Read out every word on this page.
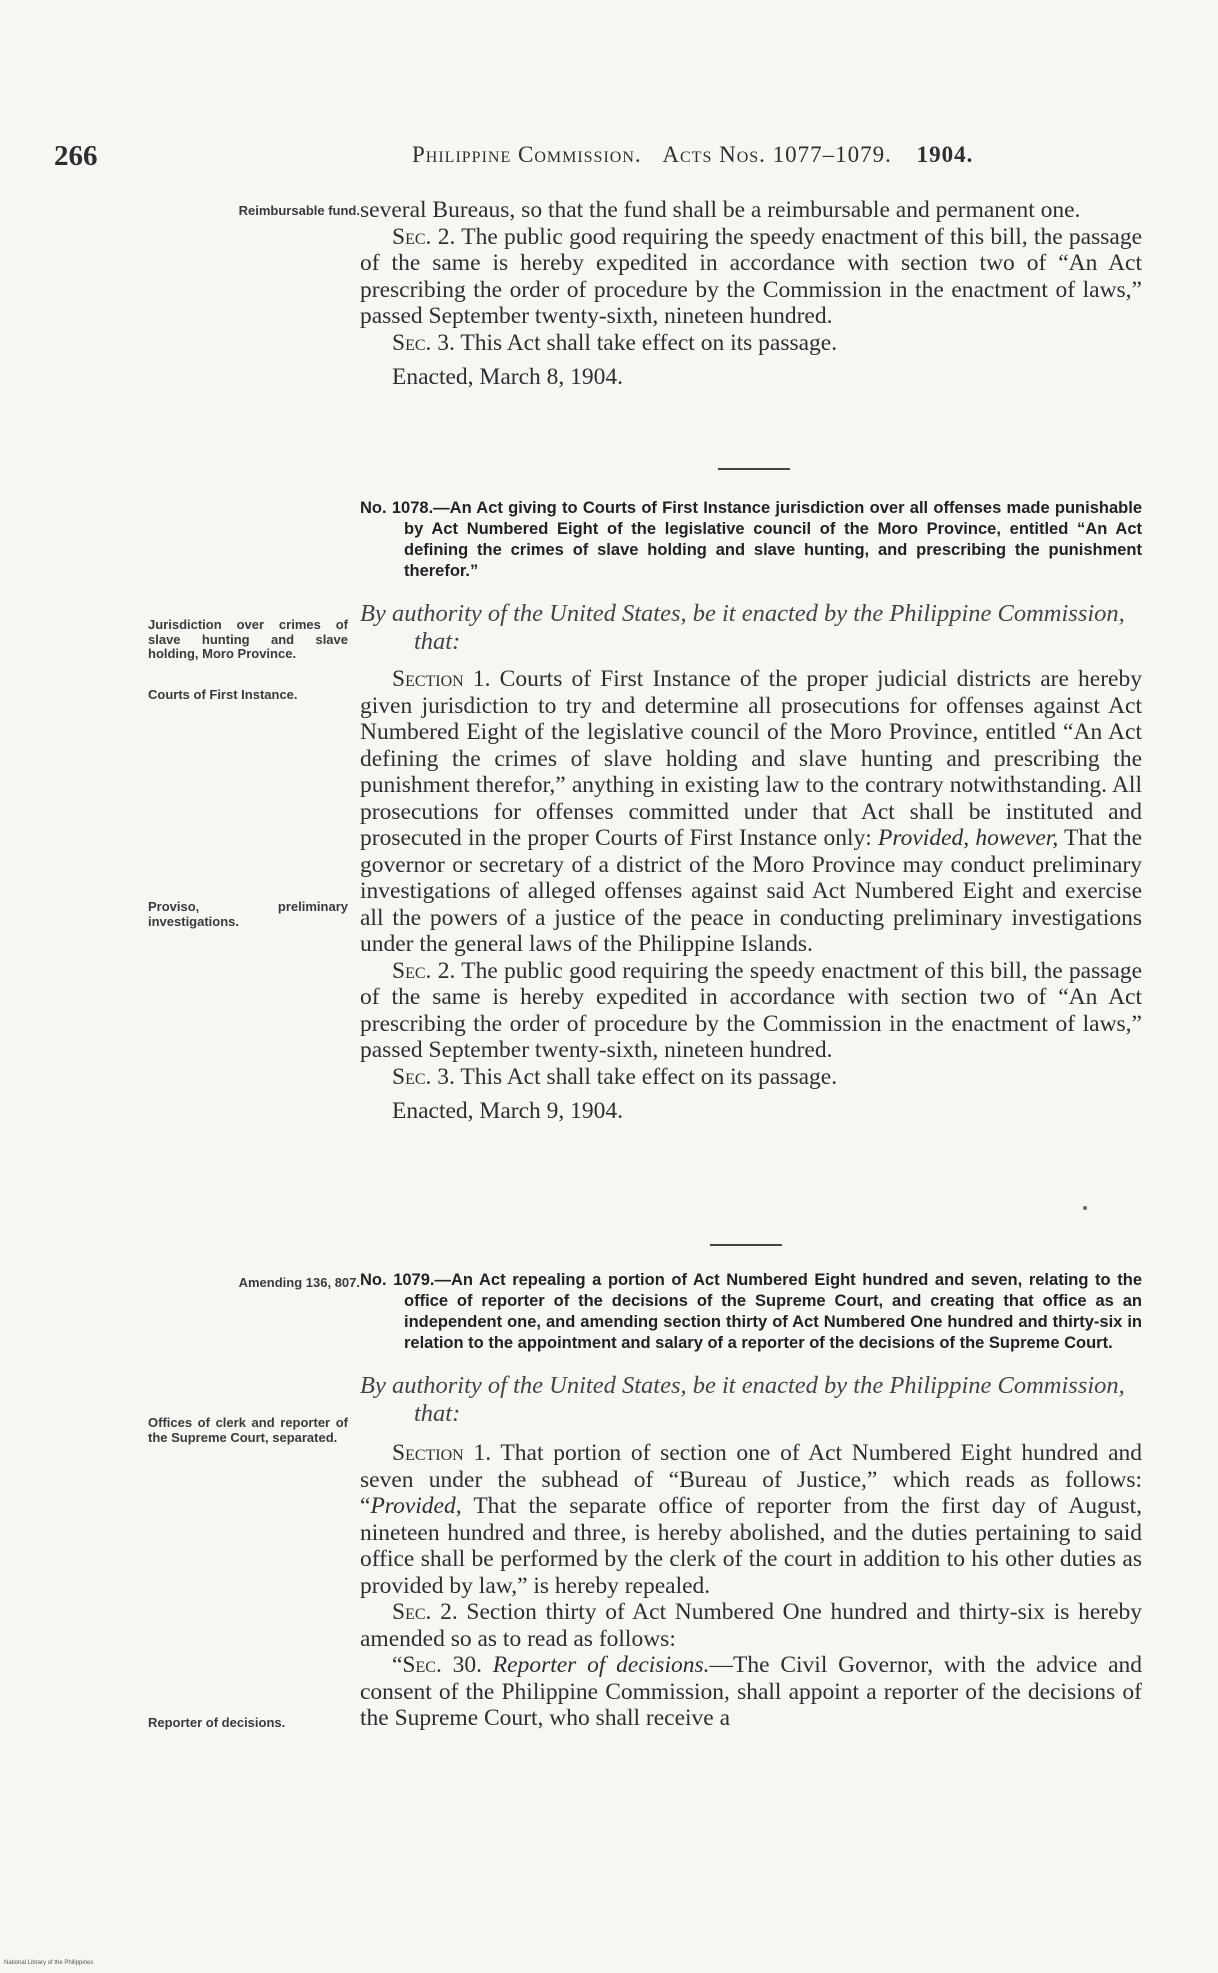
266	Philippine Commission. Acts Nos. 1077–1079. 1904.
Reimbursable fund.
Jurisdiction over crimes of slave hunting and slave holding, Moro Province.
Courts of First Instance.
Proviso, preliminary investigations.
Amending 136, 807.
Offices of clerk and reporter of the Supreme Court, separated.
Reporter of decisions.

several Bureaus, so that the fund shall be a reimbursable and permanent one.

Sec. 2. The public good requiring the speedy enactment of this bill, the passage of the same is hereby expedited in accordance with section two of “An Act prescribing the order of procedure by the Commission in the enactment of laws,” passed September twenty-sixth, nineteen hundred.

Sec. 3. This Act shall take effect on its passage.

Enacted, March 8, 1904.

No. 1078.—An Act giving to Courts of First Instance jurisdiction over all offenses made punishable by Act Numbered Eight of the legislative council of the Moro Province, entitled “An Act defining the crimes of slave holding and slave hunting, and prescribing the punishment therefor.”

By authority of the United States, be it enacted by the Philippine Commission, that:

Section 1. Courts of First Instance of the proper judicial districts are hereby given jurisdiction to try and determine all prosecutions for offenses against Act Numbered Eight of the legislative council of the Moro Province, entitled “An Act defining the crimes of slave holding and slave hunting and prescribing the punishment therefor,” anything in existing law to the contrary notwithstanding. All prosecutions for offenses committed under that Act shall be instituted and prosecuted in the proper Courts of First Instance only: Provided, however, That the governor or secretary of a district of the Moro Province may conduct preliminary investigations of alleged offenses against said Act Numbered Eight and exercise all the powers of a justice of the peace in conducting preliminary investigations under the general laws of the Philippine Islands.

Sec. 2. The public good requiring the speedy enactment of this bill, the passage of the same is hereby expedited in accordance with section two of “An Act prescribing the order of procedure by the Commission in the enactment of laws,” passed September twenty-sixth, nineteen hundred.

Sec. 3. This Act shall take effect on its passage.

Enacted, March 9, 1904.

No. 1079.—An Act repealing a portion of Act Numbered Eight hundred and seven, relating to the office of reporter of the decisions of the Supreme Court, and creating that office as an independent one, and amending section thirty of Act Numbered One hundred and thirty-six in relation to the appointment and salary of a reporter of the decisions of the Supreme Court.

By authority of the United States, be it enacted by the Philippine Commission, that:

Section 1. That portion of section one of Act Numbered Eight hundred and seven under the subhead of “Bureau of Justice,” which reads as follows: “Provided, That the separate office of reporter from the first day of August, nineteen hundred and three, is hereby abolished, and the duties pertaining to said office shall be performed by the clerk of the court in addition to his other duties as provided by law,” is hereby repealed.

Sec. 2. Section thirty of Act Numbered One hundred and thirty-six is hereby amended so as to read as follows:

“Sec. 30. Reporter of decisions.—The Civil Governor, with the advice and consent of the Philippine Commission, shall appoint a reporter of the decisions of the Supreme Court, who shall receive a

National Library of the Philippines
